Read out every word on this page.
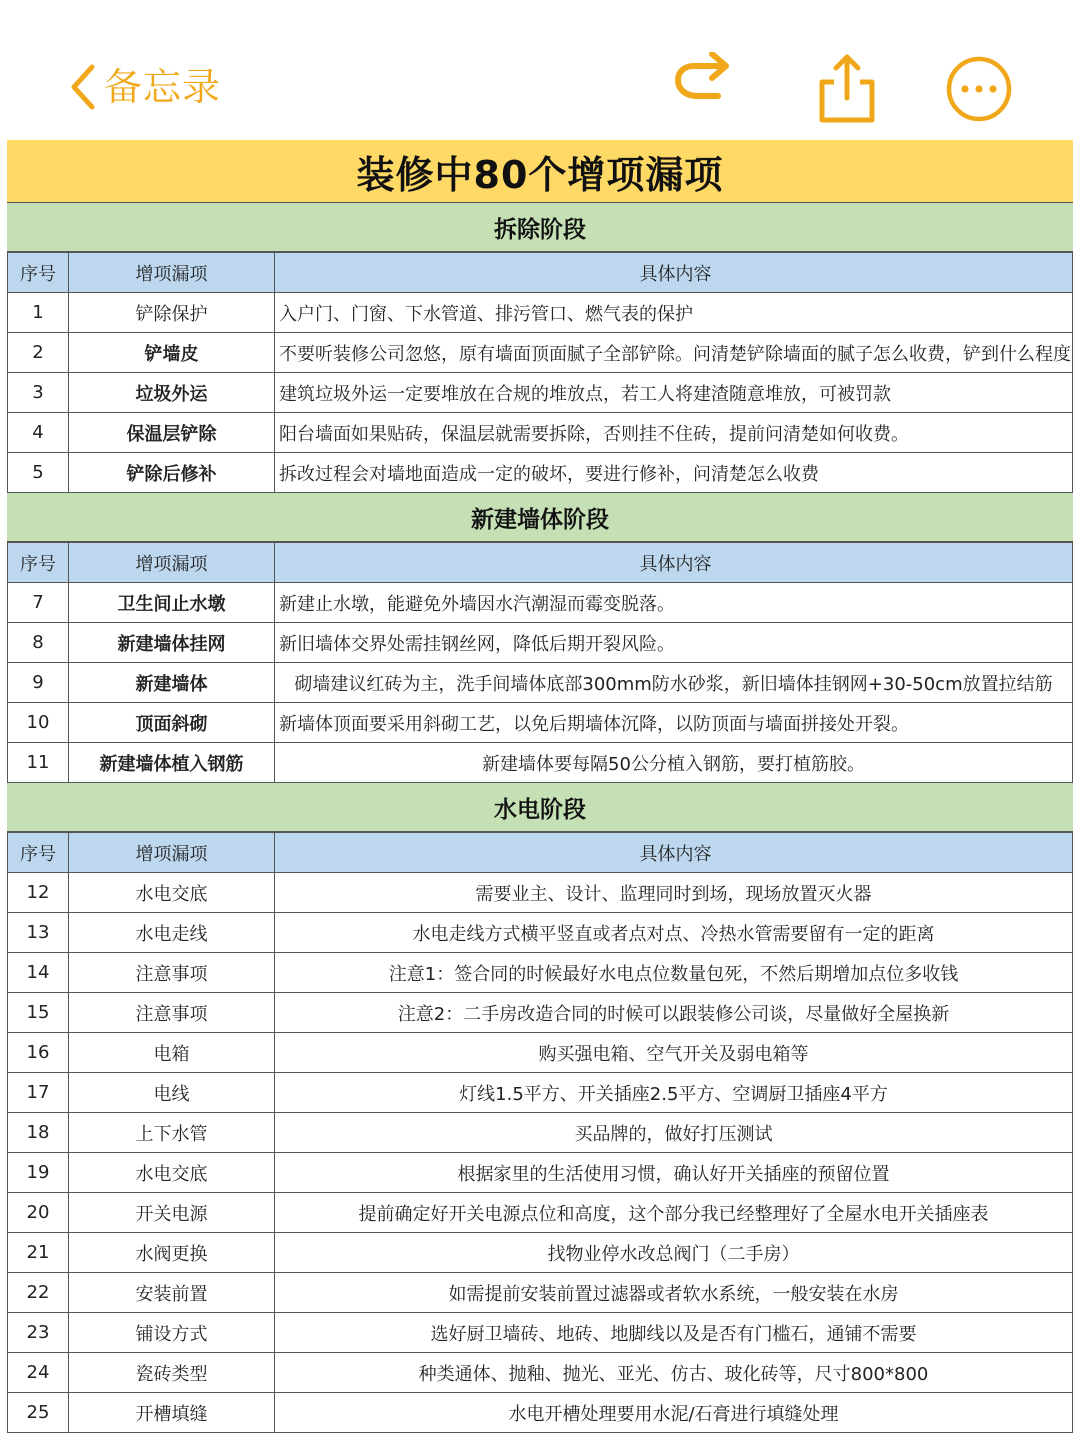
备忘录
装修中80个增项漏项
拆除阶段
序号	增项漏项	具体内容
1	铲除保护	入户门、门窗、下水管道、排污管口、燃气表的保护
2	铲墙皮	不要听装修公司忽悠，原有墙面顶面腻子全部铲除。问清楚铲除墙面的腻子怎么收费，铲到什么程度
3	垃圾外运	建筑垃圾外运一定要堆放在合规的堆放点，若工人将建渣随意堆放，可被罚款
4	保温层铲除	阳台墙面如果贴砖，保温层就需要拆除，否则挂不住砖，提前问清楚如何收费。
5	铲除后修补	拆改过程会对墙地面造成一定的破坏，要进行修补，问清楚怎么收费
新建墙体阶段
序号	增项漏项	具体内容
7	卫生间止水墩	新建止水墩，能避免外墙因水汽潮湿而霉变脱落。
8	新建墙体挂网	新旧墙体交界处需挂钢丝网，降低后期开裂风险。
9	新建墙体	砌墙建议红砖为主，洗手间墙体底部300mm防水砂浆，新旧墙体挂钢网+30-50cm放置拉结筋
10	顶面斜砌	新墙体顶面要采用斜砌工艺，以免后期墙体沉降，以防顶面与墙面拼接处开裂。
11	新建墙体植入钢筋	新建墙体要每隔50公分植入钢筋，要打植筋胶。
水电阶段
序号	增项漏项	具体内容
12	水电交底	需要业主、设计、监理同时到场，现场放置灭火器
13	水电走线	水电走线方式横平竖直或者点对点、冷热水管需要留有一定的距离
14	注意事项	注意1：签合同的时候最好水电点位数量包死，不然后期增加点位多收钱
15	注意事项	注意2：二手房改造合同的时候可以跟装修公司谈，尽量做好全屋换新
16	电箱	购买强电箱、空气开关及弱电箱等
17	电线	灯线1.5平方、开关插座2.5平方、空调厨卫插座4平方
18	上下水管	买品牌的，做好打压测试
19	水电交底	根据家里的生活使用习惯，确认好开关插座的预留位置
20	开关电源	提前确定好开关电源点位和高度，这个部分我已经整理好了全屋水电开关插座表
21	水阀更换	找物业停水改总阀门（二手房）
22	安装前置	如需提前安装前置过滤器或者软水系统，一般安装在水房
23	铺设方式	选好厨卫墙砖、地砖、地脚线以及是否有门槛石，通铺不需要
24	瓷砖类型	种类通体、抛釉、抛光、亚光、仿古、玻化砖等，尺寸800*800
25	开槽填缝	水电开槽处理要用水泥/石膏进行填缝处理
